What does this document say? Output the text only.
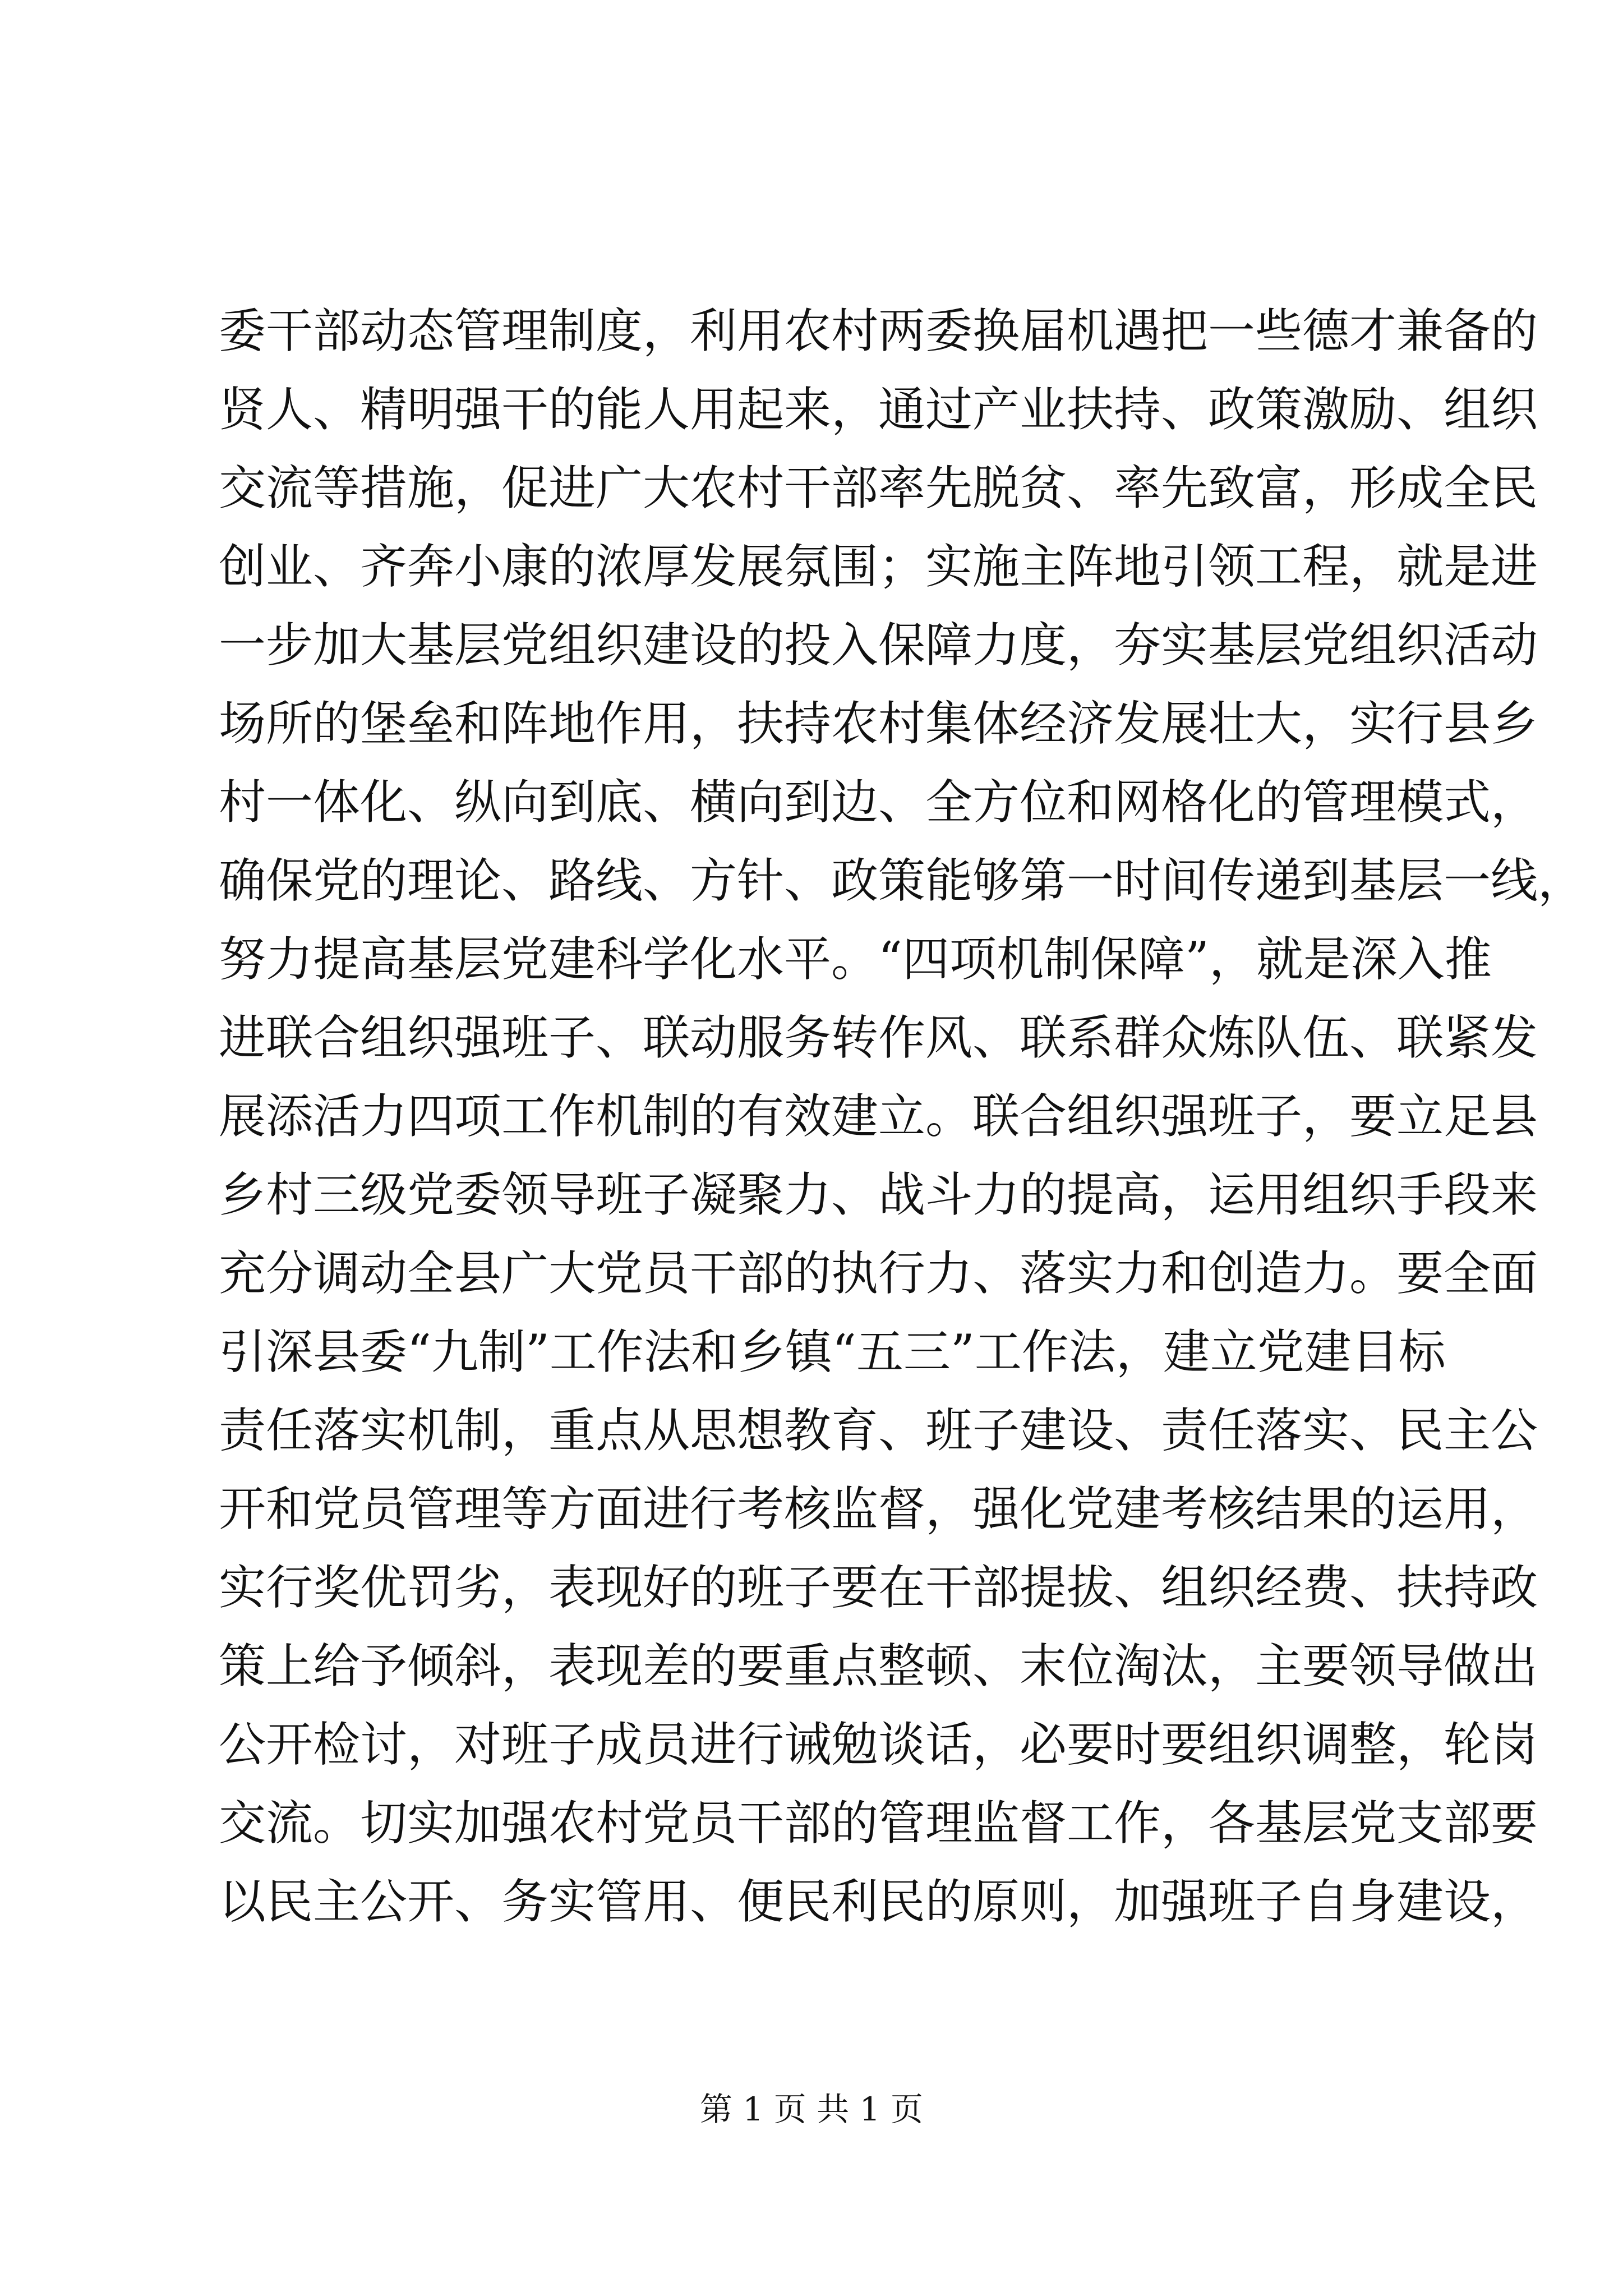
委干部动态管理制度，利用农村两委换届机遇把一些德才兼备的
贤人、精明强干的能人用起来，通过产业扶持、政策激励、组织
交流等措施，促进广大农村干部率先脱贫、率先致富，形成全民
创业、齐奔小康的浓厚发展氛围；实施主阵地引领工程，就是进
一步加大基层党组织建设的投入保障力度，夯实基层党组织活动
场所的堡垒和阵地作用，扶持农村集体经济发展壮大，实行县乡
村一体化、纵向到底、横向到边、全方位和网格化的管理模式，
确保党的理论、路线、方针、政策能够第一时间传递到基层一线，
努力提高基层党建科学化水平。“四项机制保障”，就是深入推
进联合组织强班子、联动服务转作风、联系群众炼队伍、联紧发
展添活力四项工作机制的有效建立。联合组织强班子，要立足县
乡村三级党委领导班子凝聚力、战斗力的提高，运用组织手段来
充分调动全县广大党员干部的执行力、落实力和创造力。要全面
引深县委“九制”工作法和乡镇“五三”工作法，建立党建目标
责任落实机制，重点从思想教育、班子建设、责任落实、民主公
开和党员管理等方面进行考核监督，强化党建考核结果的运用，
实行奖优罚劣，表现好的班子要在干部提拔、组织经费、扶持政
策上给予倾斜，表现差的要重点整顿、末位淘汰，主要领导做出
公开检讨，对班子成员进行诫勉谈话，必要时要组织调整，轮岗
交流。切实加强农村党员干部的管理监督工作，各基层党支部要
以民主公开、务实管用、便民利民的原则，加强班子自身建设，
第 1 页 共 1 页
